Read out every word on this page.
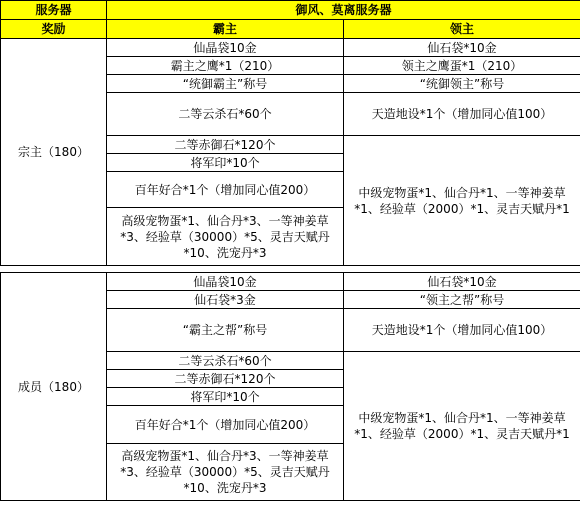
服务器	御风、莫离服务器	
奖励	霸主	领主
宗主（180）	仙晶袋10金	仙石袋*10金
	霸主之鹰*1（210）	领主之鹰蛋*1（210）
	“统御霸主”称号	“统御领主”称号
	二等云杀石*60个	天造地设*1个（增加同心值100）
	二等赤御石*120个	中级宠物蛋*1、仙合丹*1、一等神姜草*1、经验草（2000）*1、灵吉天赋丹*1
	将军印*10个	
	百年好合*1个（增加同心值200）	
	高级宠物蛋*1、仙合丹*3、一等神姜草*3、经验草（30000）*5、灵吉天赋丹*10、洗宠丹*3	

成员（180）	仙晶袋10金	仙石袋*10金
	仙石袋*3金	“领主之帮”称号
	“霸主之帮”称号	天造地设*1个（增加同心值100）
	二等云杀石*60个	中级宠物蛋*1、仙合丹*1、一等神姜草*1、经验草（2000）*1、灵吉天赋丹*1
	二等赤御石*120个	
	将军印*10个	
	百年好合*1个（增加同心值200）	
	高级宠物蛋*1、仙合丹*3、一等神姜草*3、经验草（30000）*5、灵吉天赋丹*10、洗宠丹*3	
